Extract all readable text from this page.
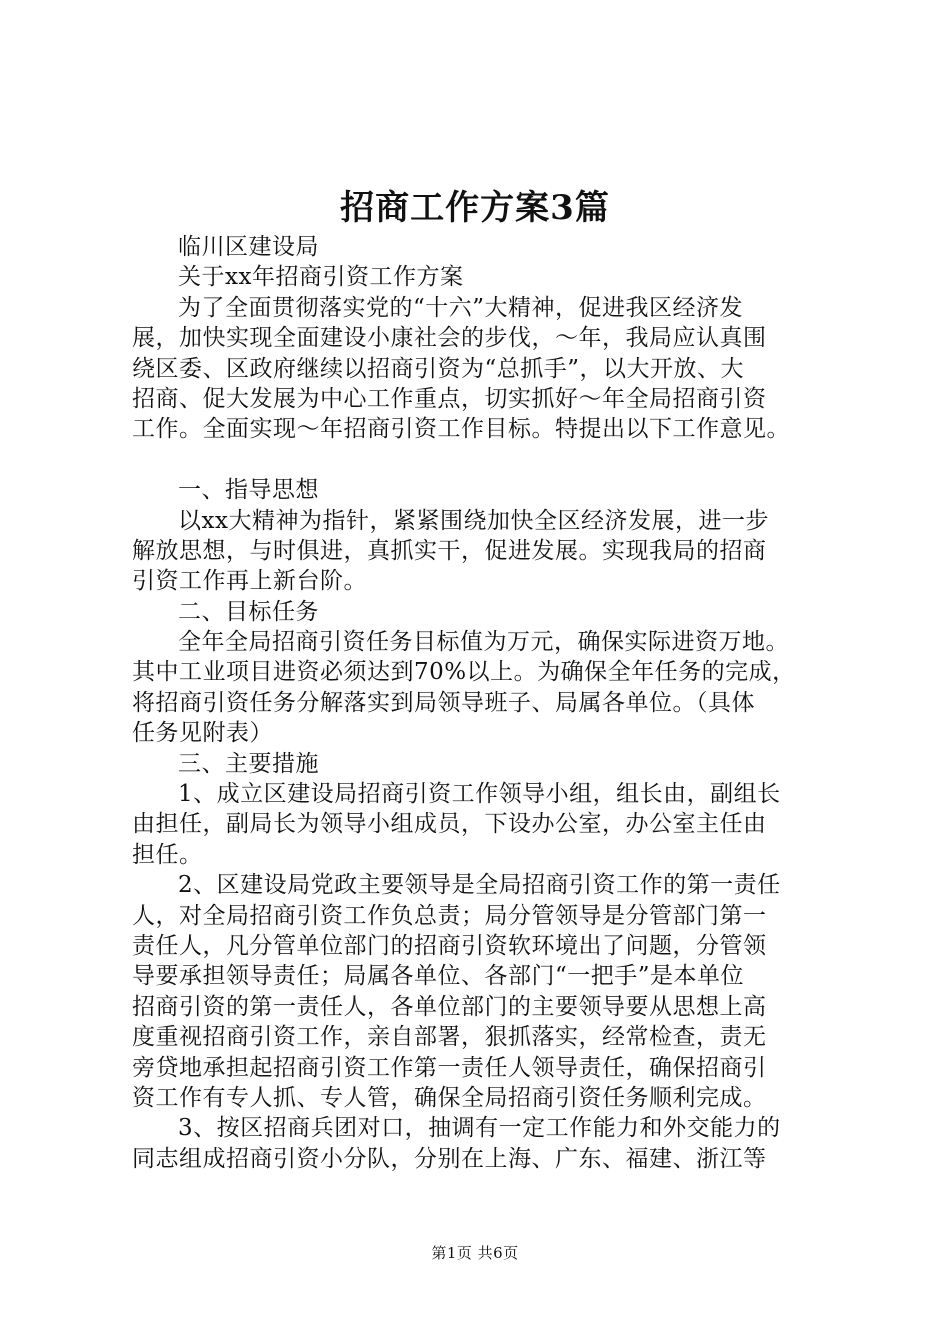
招商工作方案3篇
临川区建设局
关于xx年招商引资工作方案
为了全面贯彻落实党的“十六”大精神，促进我区经济发
展，加快实现全面建设小康社会的步伐，～年，我局应认真围
绕区委、区政府继续以招商引资为“总抓手”，以大开放、大
招商、促大发展为中心工作重点，切实抓好～年全局招商引资
工作。全面实现～年招商引资工作目标。特提出以下工作意见。
一、指导思想
以xx大精神为指针，紧紧围绕加快全区经济发展，进一步
解放思想，与时俱进，真抓实干，促进发展。实现我局的招商
引资工作再上新台阶。
二、目标任务
全年全局招商引资任务目标值为万元，确保实际进资万地。
其中工业项目进资必须达到70%以上。为确保全年任务的完成，
将招商引资任务分解落实到局领导班子、局属各单位。（具体
任务见附表）
三、主要措施
1、成立区建设局招商引资工作领导小组，组长由，副组长
由担任，副局长为领导小组成员，下设办公室，办公室主任由
担任。
2、区建设局党政主要领导是全局招商引资工作的第一责任
人，对全局招商引资工作负总责；局分管领导是分管部门第一
责任人，凡分管单位部门的招商引资软环境出了问题，分管领
导要承担领导责任；局属各单位、各部门“一把手”是本单位
招商引资的第一责任人，各单位部门的主要领导要从思想上高
度重视招商引资工作，亲自部署，狠抓落实，经常检查，责无
旁贷地承担起招商引资工作第一责任人领导责任，确保招商引
资工作有专人抓、专人管，确保全局招商引资任务顺利完成。
3、按区招商兵团对口，抽调有一定工作能力和外交能力的
同志组成招商引资小分队，分别在上海、广东、福建、浙江等
第1页 共6页
